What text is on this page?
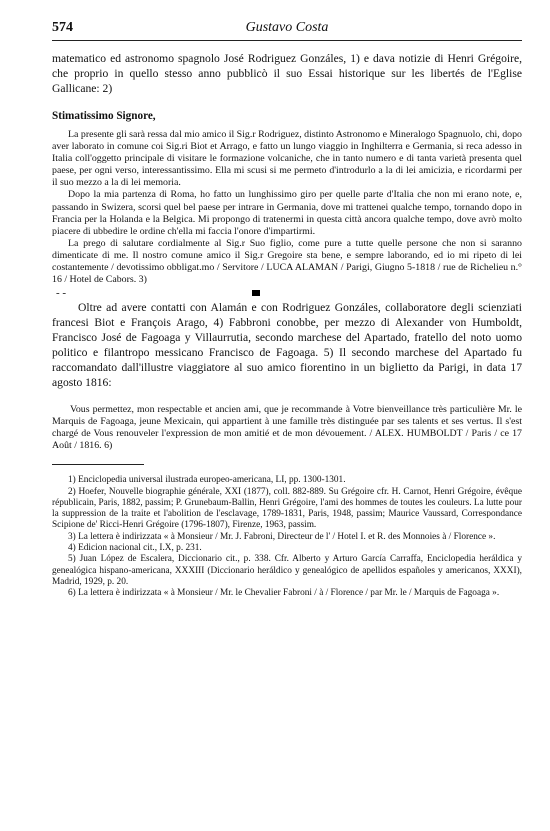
574	Gustavo Costa

matematico ed astronomo spagnolo José Rodriguez Gonzáles, 1) e dava notizie di Henri Grégoire, che proprio in quello stesso anno pubblicò il suo Essai historique sur les libertés de l'Eglise Gallicane: 2)

Stimatissimo Signore,

La presente gli sarà ressa dal mio amico il Sig.r Rodriguez, distinto Astronomo e Mineralogo Spagnuolo, chi, dopo aver laborato in comune coi Sig.ri Biot et Arrago, e fatto un lungo viaggio in Inghilterra e Germania, si reca adesso in Italia coll'oggetto principale di visitare le formazione volcaniche, che in tanto numero e di tanta varietà presenta quel paese, per ogni verso, interessantissimo. Ella mi scusi si me permeto d'introdurlo a la di lei amicizia, e ricordarmi per il suo mezzo a la di lei memoria.

Dopo la mia partenza di Roma, ho fatto un lunghissimo giro per quelle parte d'Italia che non mi erano note, e, passando in Swizera, scorsi quel bel paese per intrare in Germania, dove mi trattenei qualche tempo, tornando dopo in Francia per la Holanda e la Belgica. Mi propongo di tratenermi in questa città ancora qualche tempo, dove avrò molto piacere di ubbedire le ordine ch'ella mi faccia l'onore d'impartirmi.

La prego di salutare cordialmente al Sig.r Suo figlio, come pure a tutte quelle persone che non si saranno dimenticate di me. Il nostro comune amico il Sig.r Gregoire sta bene, e sempre laborando, ed io mi ripeto di lei costantemente / devotissimo obbligat.mo / Servitore / LUCA ALAMAN / Parigi, Giugno 5-1818 / rue de Richelieu n.° 16 / Hotel de Cabors. 3)

- -

Oltre ad avere contatti con Alamán e con Rodriguez Gonzáles, collaboratore degli scienziati francesi Biot e François Arago, 4) Fabbroni conobbe, per mezzo di Alexander von Humboldt, Francisco José de Fagoaga y Villaurrutia, secondo marchese del Apartado, fratello del noto uomo politico e filantropo messicano Francisco de Fagoaga. 5) Il secondo marchese del Apartado fu raccomandato dall'illustre viaggiatore al suo amico fiorentino in un biglietto da Parigi, in data 17 agosto 1816:

Vous permettez, mon respectable et ancien ami, que je recommande à Votre bienveillance très particulière Mr. le Marquis de Fagoaga, jeune Mexicain, qui appartient à une famille très distinguée par ses talents et ses vertus. Il s'est chargé de Vous renouveler l'expression de mon amitié et de mon dévouement. / ALEX. HUMBOLDT / Paris / ce 17 Août / 1816. 6)

1) Enciclopedia universal ilustrada europeo-americana, LI, pp. 1300-1301.

2) Hoefer, Nouvelle biographie générale, XXI (1877), coll. 882-889. Su Grégoire cfr. H. Carnot, Henri Grégoire, évêque républicain, Paris, 1882, passim; P. Grunebaum-Ballin, Henri Grégoire, l'ami des hommes de toutes les couleurs. La lutte pour la suppression de la traite et l'abolition de l'esclavage, 1789-1831, Paris, 1948, passim; Maurice Vaussard, Correspondance Scipione de' Ricci-Henri Grégoire (1796-1807), Firenze, 1963, passim.

3) La lettera è indirizzata « à Monsieur / Mr. J. Fabroni, Directeur de l' / Hotel I. et R. des Monnoies à / Florence ».

4) Edicion nacional cit., I.X, p. 231.

5) Juan López de Escalera, Diccionario cit., p. 338. Cfr. Alberto y Arturo García Carraffa, Enciclopedia heráldica y genealógica hispano-americana, XXXIII (Diccionario heráldico y genealógico de apellidos españoles y americanos, XXXI), Madrid, 1929, p. 20.

6) La lettera è indirizzata « à Monsieur / Mr. le Chevalier Fabroni / à / Florence / par Mr. le / Marquis de Fagoaga ».
